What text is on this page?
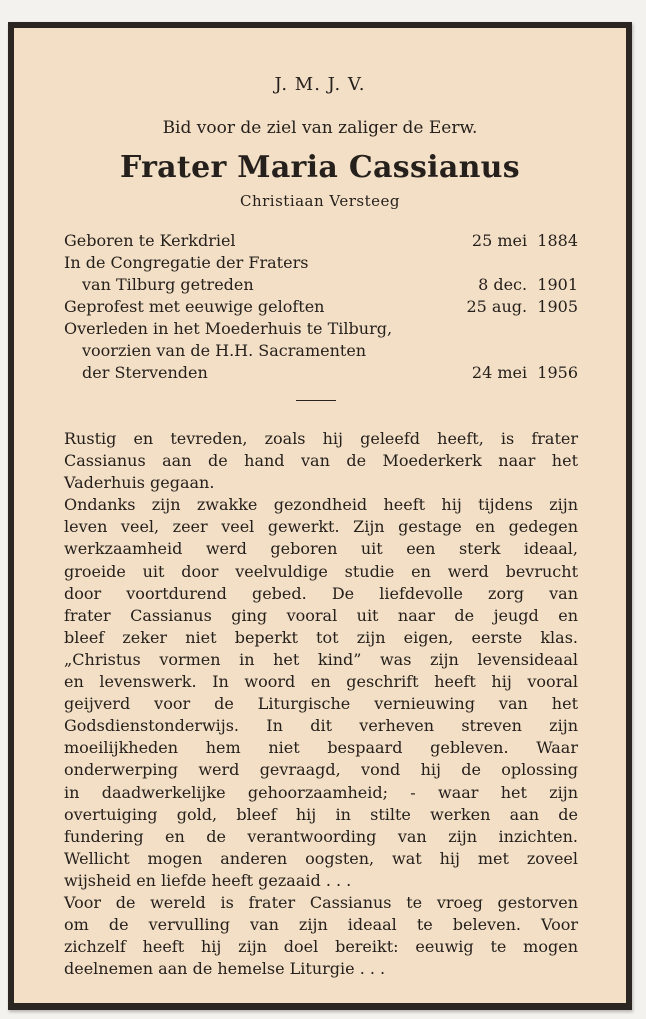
J. M. J. V.
Bid voor de ziel van zaliger de Eerw.
Frater Maria Cassianus
Christiaan Versteeg
Geboren te Kerkdriel	25 mei  1884
In de Congregatie der Fraters
van Tilburg getreden	8 dec.  1901
Geprofest met eeuwige geloften	25 aug.  1905
Overleden in het Moederhuis te Tilburg,
voorzien van de H.H. Sacramenten
der Stervenden	24 mei  1956
Rustig en tevreden, zoals hij geleefd heeft, is frater
Cassianus aan de hand van de Moederkerk naar het
Vaderhuis gegaan.
Ondanks zijn zwakke gezondheid heeft hij tijdens zijn
leven veel, zeer veel gewerkt. Zijn gestage en gedegen
werkzaamheid werd geboren uit een sterk ideaal,
groeide uit door veelvuldige studie en werd bevrucht
door voortdurend gebed. De liefdevolle zorg van
frater Cassianus ging vooral uit naar de jeugd en
bleef zeker niet beperkt tot zijn eigen, eerste klas.
„Christus vormen in het kind” was zijn levensideaal
en levenswerk. In woord en geschrift heeft hij vooral
geijverd voor de Liturgische vernieuwing van het
Godsdienstonderwijs. In dit verheven streven zijn
moeilijkheden hem niet bespaard gebleven. Waar
onderwerping werd gevraagd, vond hij de oplossing
in daadwerkelijke gehoorzaamheid; - waar het zijn
overtuiging gold, bleef hij in stilte werken aan de
fundering en de verantwoording van zijn inzichten.
Wellicht mogen anderen oogsten, wat hij met zoveel
wijsheid en liefde heeft gezaaid . . .
Voor de wereld is frater Cassianus te vroeg gestorven
om de vervulling van zijn ideaal te beleven. Voor
zichzelf heeft hij zijn doel bereikt: eeuwig te mogen
deelnemen aan de hemelse Liturgie . . .
